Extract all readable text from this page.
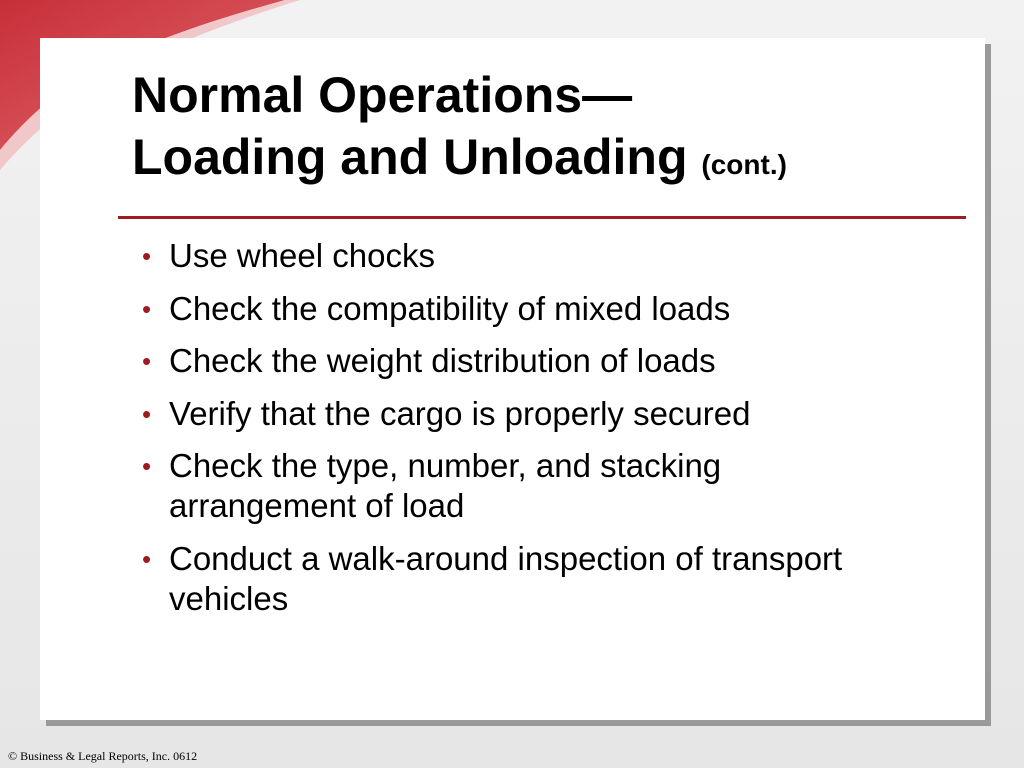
Normal Operations—
Loading and Unloading (cont.)
• Use wheel chocks
• Check the compatibility of mixed loads
• Check the weight distribution of loads
• Verify that the cargo is properly secured
• Check the type, number, and stacking arrangement of load
• Conduct a walk-around inspection of transport vehicles
© Business & Legal Reports, Inc. 0612
